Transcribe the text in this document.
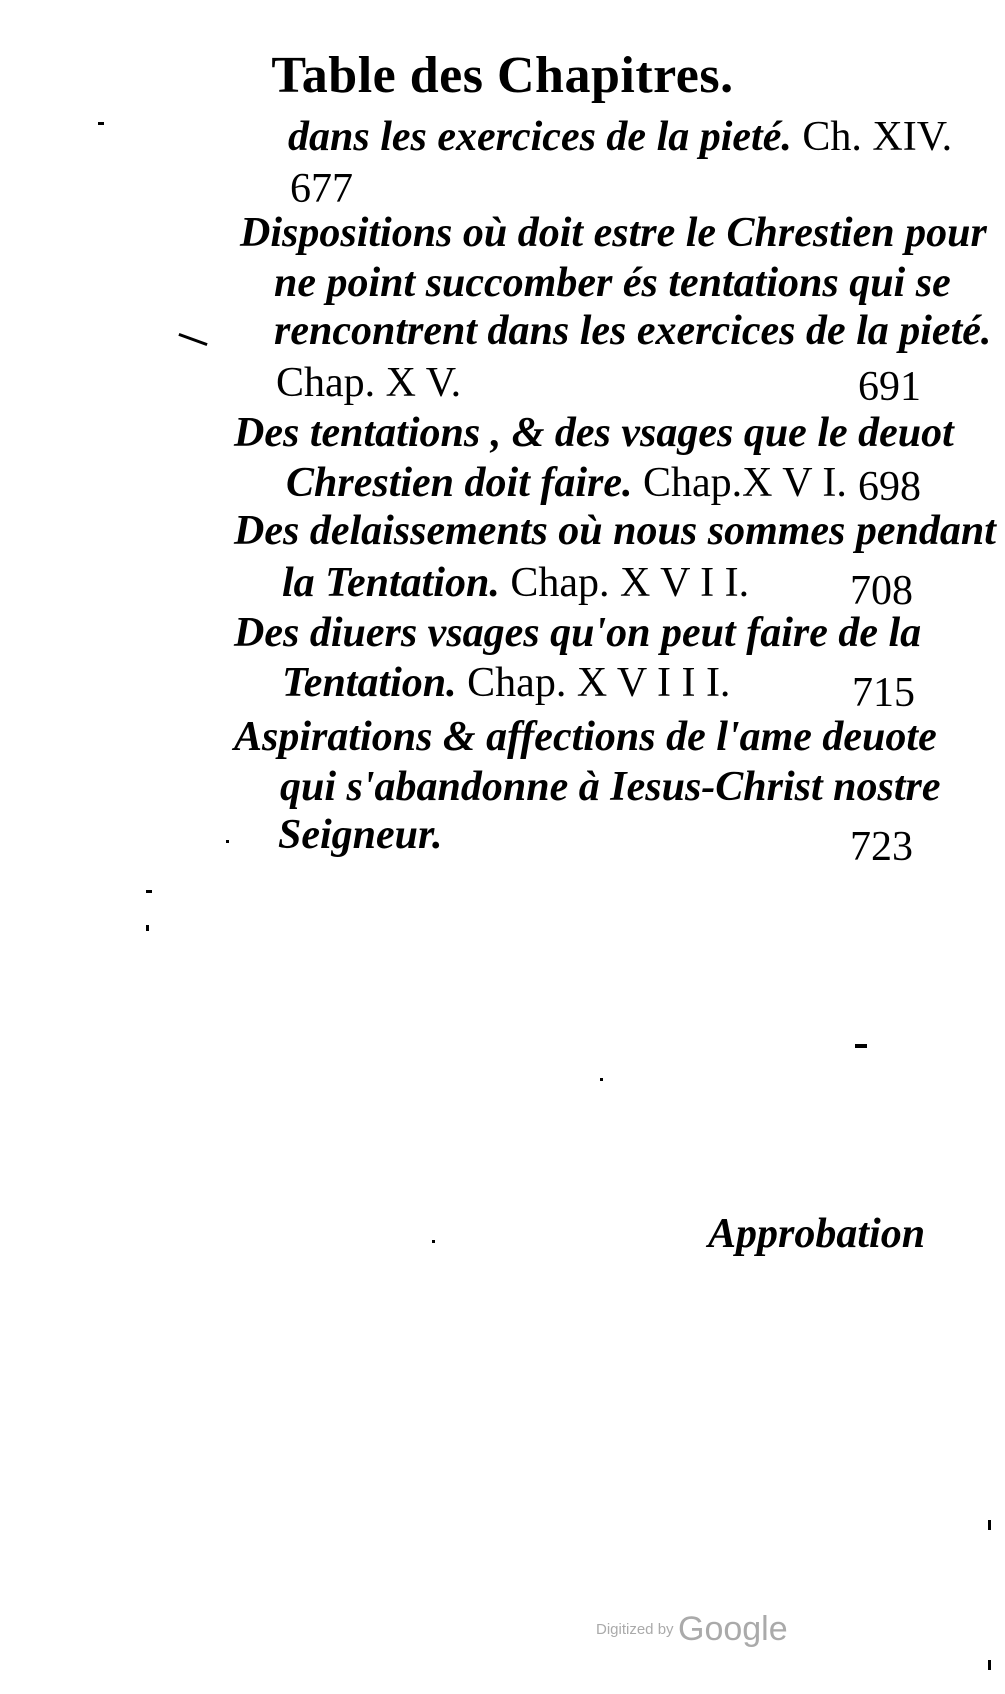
Table des Chapitres.
dans les exercices de la pieté. Ch. XIV.
677
Dispositions où doit estre le Chrestien pour
ne point succomber és tentations qui se
rencontrent dans les exercices de la pieté.
Chap. X V.	691
Des tentations , & des vsages que le deuot
Chrestien doit faire. Chap.X V I. 698
Des delaissements où nous sommes pendant
la Tentation. Chap. X V I I. 708
Des diuers vsages qu'on peut faire de la
Tentation. Chap. X V I I I.	715
Aspirations & affections de l'ame deuote
qui s'abandonne à Iesus-Christ nostre
Seigneur.	723
Approbation
Digitized by Google
